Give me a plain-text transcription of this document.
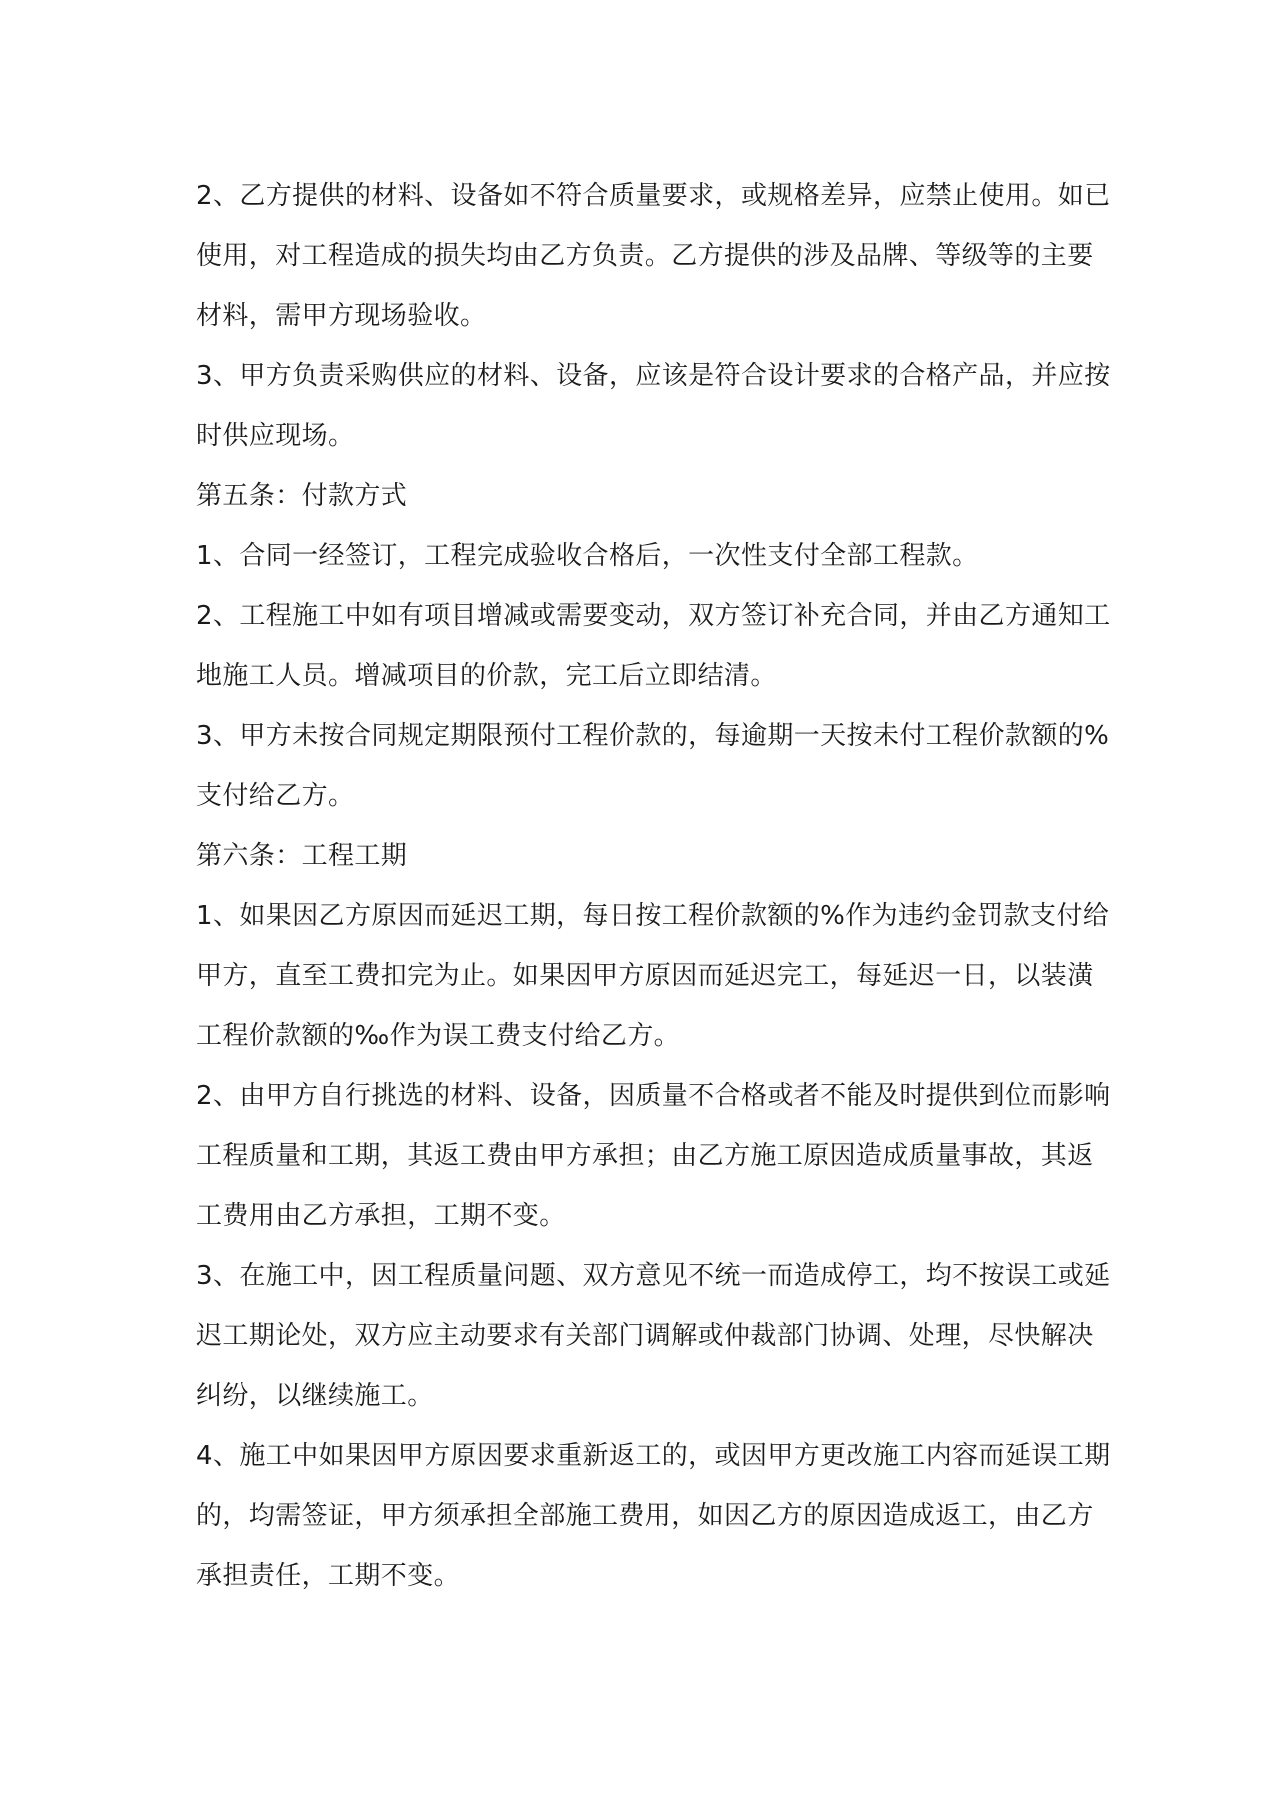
2、乙方提供的材料、设备如不符合质量要求，或规格差异，应禁止使用。如已
使用，对工程造成的损失均由乙方负责。乙方提供的涉及品牌、等级等的主要
材料，需甲方现场验收。
3、甲方负责采购供应的材料、设备，应该是符合设计要求的合格产品，并应按
时供应现场。
第五条：付款方式
1、合同一经签订，工程完成验收合格后，一次性支付全部工程款。
2、工程施工中如有项目增减或需要变动，双方签订补充合同，并由乙方通知工
地施工人员。增减项目的价款，完工后立即结清。
3、甲方未按合同规定期限预付工程价款的，每逾期一天按未付工程价款额的%
支付给乙方。
第六条：工程工期
1、如果因乙方原因而延迟工期，每日按工程价款额的%作为违约金罚款支付给
甲方，直至工费扣完为止。如果因甲方原因而延迟完工，每延迟一日，以装潢
工程价款额的‰作为误工费支付给乙方。
2、由甲方自行挑选的材料、设备，因质量不合格或者不能及时提供到位而影响
工程质量和工期，其返工费由甲方承担；由乙方施工原因造成质量事故，其返
工费用由乙方承担，工期不变。
3、在施工中，因工程质量问题、双方意见不统一而造成停工，均不按误工或延
迟工期论处，双方应主动要求有关部门调解或仲裁部门协调、处理，尽快解决
纠纷，以继续施工。
4、施工中如果因甲方原因要求重新返工的，或因甲方更改施工内容而延误工期
的，均需签证，甲方须承担全部施工费用，如因乙方的原因造成返工，由乙方
承担责任，工期不变。
